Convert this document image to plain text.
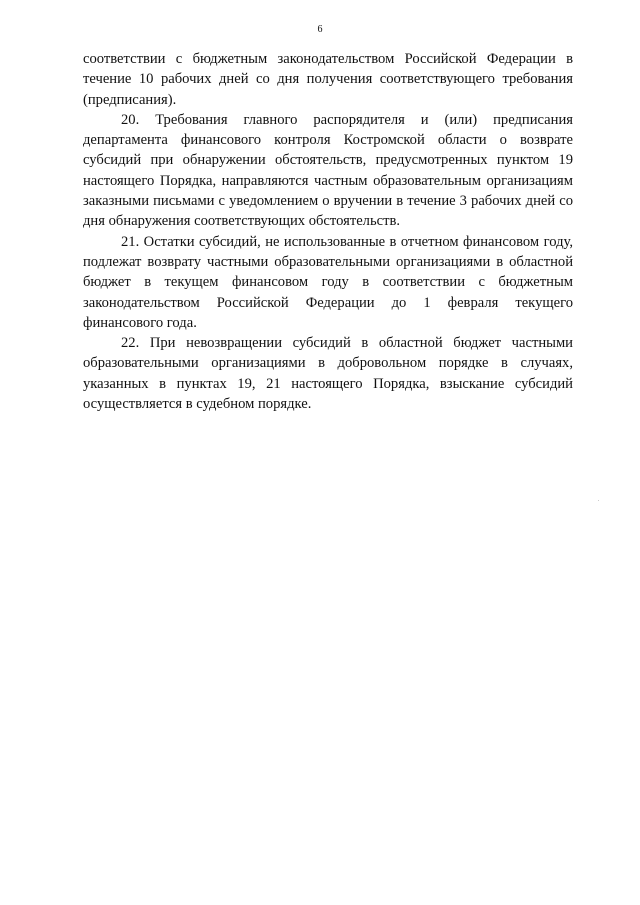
6

соответствии с бюджетным законодательством Российской Федерации в течение 10 рабочих дней со дня получения соответствующего требования (предписания).

20. Требования главного распорядителя и (или) предписания департамента финансового контроля Костромской области о возврате субсидий при обнаружении обстоятельств, предусмотренных пунктом 19 настоящего Порядка, направляются частным образовательным организациям заказными письмами с уведомлением о вручении в течение 3 рабочих дней со дня обнаружения соответствующих обстоятельств.

21. Остатки субсидий, не использованные в отчетном финансовом году, подлежат возврату частными образовательными организациями в областной бюджет в текущем финансовом году в соответствии с бюджетным законодательством Российской Федерации до 1 февраля текущего финансового года.

22. При невозвращении субсидий в областной бюджет частными образовательными организациями в добровольном порядке в случаях, указанных в пунктах 19, 21 настоящего Порядка, взыскание субсидий осуществляется в судебном порядке.
